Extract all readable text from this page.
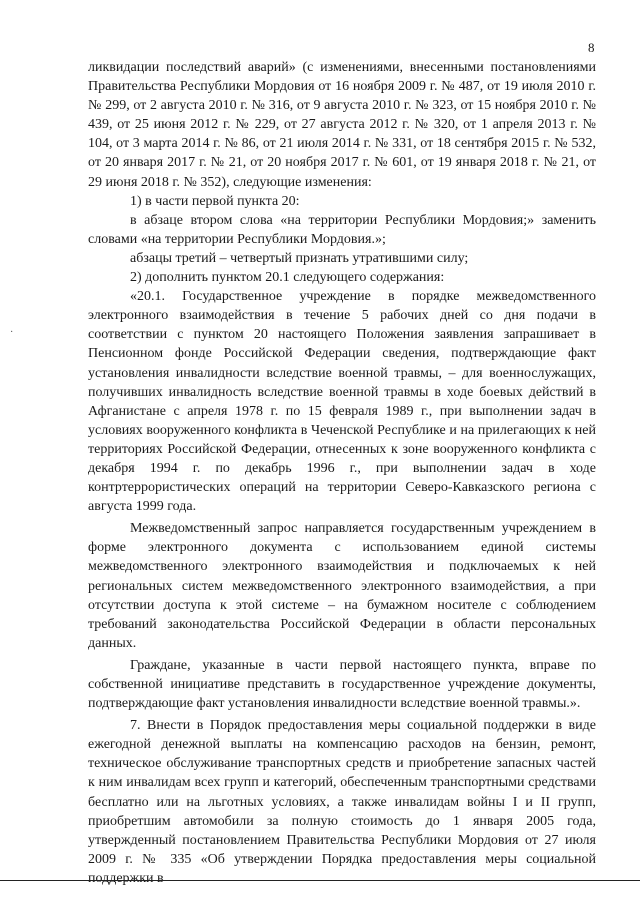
8
·

ликвидации последствий аварий» (с изменениями, внесенными постановлениями Правительства Республики Мордовия от 16 ноября 2009 г. № 487, от 19 июля 2010 г. № 299, от 2 августа 2010 г. № 316, от 9 августа 2010 г. № 323, от 15 ноября 2010 г. № 439, от 25 июня 2012 г. № 229, от 27 августа 2012 г. № 320, от 1 апреля 2013 г. № 104, от 3 марта 2014 г. № 86, от 21 июля 2014 г. № 331, от 18 сентября 2015 г. № 532, от 20 января 2017 г. № 21, от 20 ноября 2017 г. № 601, от 19 января 2018 г. № 21, от 29 июня 2018 г. № 352), следующие изменения:

1) в части первой пункта 20:

в абзаце втором слова «на территории Республики Мордовия;» заменить словами «на территории Республики Мордовия.»;

абзацы третий – четвертый признать утратившими силу;

2) дополнить пунктом 20.1 следующего содержания:

«20.1. Государственное учреждение в порядке межведомственного электронного взаимодействия в течение 5 рабочих дней со дня подачи в соответствии с пунктом 20 настоящего Положения заявления запрашивает в Пенсионном фонде Российской Федерации сведения, подтверждающие факт установления инвалидности вследствие военной травмы, – для военнослужащих, получивших инвалидность вследствие военной травмы в ходе боевых действий в Афганистане с апреля 1978 г. по 15 февраля 1989 г., при выполнении задач в условиях вооруженного конфликта в Чеченской Республике и на прилегающих к ней территориях Российской Федерации, отнесенных к зоне вооруженного конфликта с декабря 1994 г. по декабрь 1996 г., при выполнении задач в ходе контртеррористических операций на территории Северо-Кавказского региона с августа 1999 года.

Межведомственный запрос направляется государственным учреждением в форме электронного документа с использованием единой системы межведомственного электронного взаимодействия и подключаемых к ней региональных систем межведомственного электронного взаимодействия, а при отсутствии доступа к этой системе – на бумажном носителе с соблюдением требований законодательства Российской Федерации в области персональных данных.

Граждане, указанные в части первой настоящего пункта, вправе по собственной инициативе представить в государственное учреждение документы, подтверждающие факт установления инвалидности вследствие военной травмы.».

7. Внести в Порядок предоставления меры социальной поддержки в виде ежегодной денежной выплаты на компенсацию расходов на бензин, ремонт, техническое обслуживание транспортных средств и приобретение запасных частей к ним инвалидам всех групп и категорий, обеспеченным транспортными средствами бесплатно или на льготных условиях, а также инвалидам войны I и II групп, приобретшим автомобили за полную стоимость до 1 января 2005 года, утвержденный постановлением Правительства Республики Мордовия от 27 июля 2009 г. № 335 «Об утверждении Порядка предоставления меры социальной поддержки в
